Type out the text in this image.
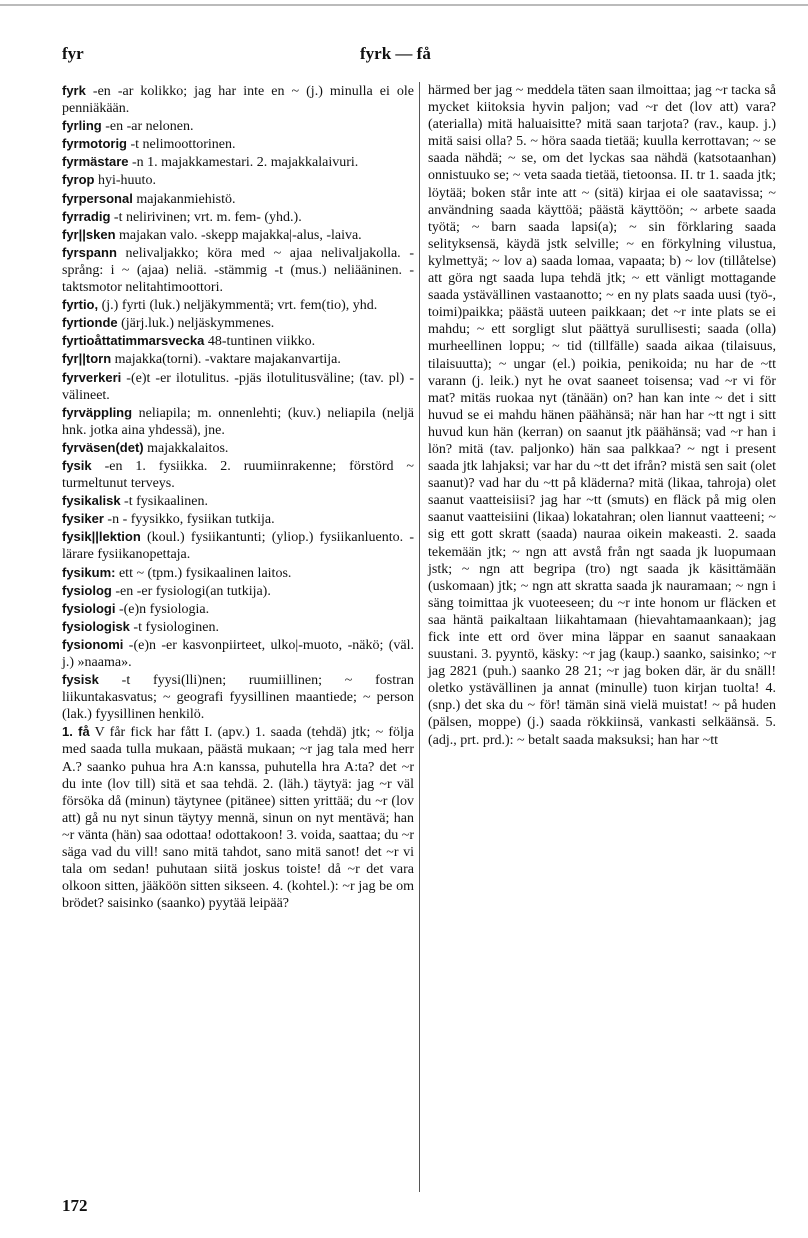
fyr	fyrk — få
fyrk -en -ar kolikko; jag har inte en ~ (j.) minulla ei ole penniäkään.
fyrling -en -ar nelonen.
fyrmotorig -t nelimoottorinen.
fyrmästare -n 1. majakkamestari. 2. majakkalaivuri.
fyrop hyi-huuto.
fyrpersonal majakanmiehistö.
fyrradig -t nelirivinen; vrt. m. fem- (yhd.).
fyr||sken majakan valo. -skepp majakka|-alus, -laiva.
fyrspann nelivaljakko; köra med ~ ajaa nelivaljakolla. -språng: i ~ (ajaa) neliä. -stämmig -t (mus.) neliääninen. -taktsmotor nelitahtimoottori.
fyrtio, (j.) fyrti (luk.) neljäkymmentä; vrt. fem(tio), yhd.
fyrtionde (järj.luk.) neljäskymmenes.
fyrtioåttatimmarsvecka 48-tuntinen viikko.
fyr||torn majakka(torni). -vaktare majakanvartija.
fyrverkeri -(e)t -er ilotulitus. -pjäs ilotulitusväline; (tav. pl) -välineet.
fyrväppling neliapila; m. onnenlehti; (kuv.) neliapila (neljä hnk. jotka aina yhdessä), jne.
fyrväsen(det) majakkalaitos.
fysik -en 1. fysiikka. 2. ruumiinrakenne; förstörd ~ turmeltunut terveys.
fysikalisk -t fysikaalinen.
fysiker -n - fyysikko, fysiikan tutkija.
fysik||lektion (koul.) fysiikantunti; (yliop.) fysiikanluento. -lärare fysiikanopettaja.
fysikum: ett ~ (tpm.) fysikaalinen laitos.
fysiolog -en -er fysiologi(an tutkija).
fysiologi -(e)n fysiologia.
fysiologisk -t fysiologinen.
fysionomi -(e)n -er kasvonpiirteet, ulko|-muoto, -näkö; (väl. j.) »naama».
fysisk -t fyysi(lli)nen; ruumiillinen; ~ fostran liikuntakasvatus; ~ geografi fyysillinen maantiede; ~ person (lak.) fyysillinen henkilö.
1. få V får fick har fått I. (apv.) 1. saada (tehdä) jtk; ~ följa med saada tulla mukaan, päästä mukaan; ~r jag tala med herr A.? saanko puhua hra A:n kanssa, puhutella hra A:ta? det ~r du inte (lov till) sitä et saa tehdä. 2. (läh.) täytyä: jag ~r väl försöka då (minun) täytynee (pitänee) sitten yrittää; du ~r (lov att) gå nu nyt sinun täytyy mennä, sinun on nyt mentävä; han ~r vänta (hän) saa odottaa! odottakoon! 3. voida, saattaa; du ~r säga vad du vill! sano mitä tahdot, sano mitä sanot! det ~r vi tala om sedan! puhutaan siitä joskus toiste! då ~r det vara olkoon sitten, jääköön sitten sikseen. 4. (kohtel.): ~r jag be om brödet? saisinko (saanko) pyytää leipää?
härmed ber jag ~ meddela täten saan ilmoittaa; jag ~r tacka så mycket kiitoksia hyvin paljon; vad ~r det (lov att) vara? (aterialla) mitä haluaisitte? mitä saan tarjota? (rav., kaup. j.) mitä saisi olla? 5. ~ höra saada tietää; kuulla kerrottavan; ~ se saada nähdä; ~ se, om det lyckas saa nähdä (katsotaanhan) onnistuuko se; ~ veta saada tietää, tietoonsa. II. tr 1. saada jtk; löytää; boken står inte att ~ (sitä) kirjaa ei ole saatavissa; ~ användning saada käyttöä; päästä käyttöön; ~ arbete saada työtä; ~ barn saada lapsi(a); ~ sin förklaring saada selityksensä, käydä jstk selville; ~ en förkylning vilustua, kylmettyä; ~ lov a) saada lomaa, vapaata; b) ~ lov (tillåtelse) att göra ngt saada lupa tehdä jtk; ~ ett vänligt mottagande saada ystävällinen vastaanotto; ~ en ny plats saada uusi (työ-, toimi)paikka; päästä uuteen paikkaan; det ~r inte plats se ei mahdu; ~ ett sorgligt slut päättyä surullisesti; saada (olla) murheellinen loppu; ~ tid (tillfälle) saada aikaa (tilaisuus, tilaisuutta); ~ ungar (el.) poikia, penikoida; nu har de ~tt varann (j. leik.) nyt he ovat saaneet toisensa; vad ~r vi för mat? mitäs ruokaa nyt (tänään) on? han kan inte ~ det i sitt huvud se ei mahdu hänen päähänsä; när han har ~tt ngt i sitt huvud kun hän (kerran) on saanut jtk päähänsä; vad ~r han i lön? mitä (tav. paljonko) hän saa palkkaa? ~ ngt i present saada jtk lahjaksi; var har du ~tt det ifrån? mistä sen sait (olet saanut)? vad har du ~tt på kläderna? mitä (likaa, tahroja) olet saanut vaatteisiisi? jag har ~tt (smuts) en fläck på mig olen saanut vaatteisiini (likaa) lokatahran; olen liannut vaatteeni; ~ sig ett gott skratt (saada) nauraa oikein makeasti. 2. saada tekemään jtk; ~ ngn att avstå från ngt saada jk luopumaan jstk; ~ ngn att begripa (tro) ngt saada jk käsittämään (uskomaan) jtk; ~ ngn att skratta saada jk nauramaan; ~ ngn i säng toimittaa jk vuoteeseen; du ~r inte honom ur fläcken et saa häntä paikaltaan liikahtamaan (hievahtamaankaan); jag fick inte ett ord över mina läppar en saanut sanaakaan suustani. 3. pyyntö, käsky: ~r jag (kaup.) saanko, saisinko; ~r jag 2821 (puh.) saanko 28 21; ~r jag boken där, är du snäll! oletko ystävällinen ja annat (minulle) tuon kirjan tuolta! 4. (snp.) det ska du ~ för! tämän sinä vielä muistat! ~ på huden (pälsen, moppe) (j.) saada rökkiinsä, vankasti selkäänsä. 5. (adj., prt. prd.): ~ betalt saada maksuksi; han har ~tt
172
